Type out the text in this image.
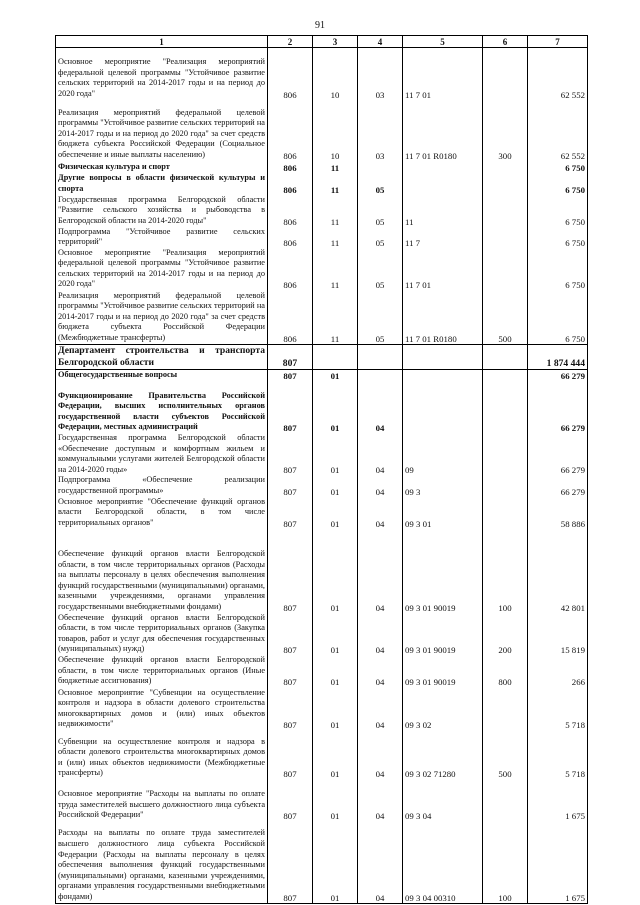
91
1	2	3	4	5	6	7
Основное мероприятие "Реализация мероприятий федеральной целевой программы "Устойчивое развитие сельских территорий на 2014-2017 годы и на период до 2020 года"	806	10	03	11 7 01		62 552
Реализация мероприятий федеральной целевой программы "Устойчивое развитие сельских территорий на 2014-2017 годы и на период до 2020 года" за счет средств бюджета субъекта Российской Федерации (Социальное обеспечение и иные выплаты населению)	806	10	03	11 7 01 R0180	300	62 552
Физическая культура и спорт	806	11				6 750
Другие вопросы в области физической культуры и спорта	806	11	05			6 750
Государственная программа Белгородской области "Развитие сельского хозяйства и рыбоводства в Белгородской области на 2014-2020 годы"	806	11	05	11		6 750
Подпрограмма "Устойчивое развитие сельских территорий"	806	11	05	11 7		6 750
Основное мероприятие "Реализация мероприятий федеральной целевой программы "Устойчивое развитие сельских территорий на 2014-2017 годы и на период до 2020 года"	806	11	05	11 7 01		6 750
Реализация мероприятий федеральной целевой программы "Устойчивое развитие сельских территорий на 2014-2017 годы и на период до 2020 года" за счет средств бюджета субъекта Российской Федерации (Межбюджетные трансферты)	806	11	05	11 7 01 R0180	500	6 750
Департамент строительства и транспорта Белгородской области	807					1 874 444
Общегосударственные вопросы	807	01				66 279
Функционирование Правительства Российской Федерации, высших исполнительных органов государственной власти субъектов Российской Федерации, местных администраций	807	01	04			66 279
Государственная программа Белгородской области «Обеспечение доступным и комфортным жильем и коммунальными услугами жителей Белгородской области на 2014-2020 годы»	807	01	04	09		66 279
Подпрограмма «Обеспечение реализации государственной программы»	807	01	04	09 3		66 279
Основное мероприятие "Обеспечение функций органов власти Белгородской области, в том числе территориальных органов"	807	01	04	09 3 01		58 886
Обеспечение функций органов власти Белгородской области, в том числе территориальных органов (Расходы на выплаты персоналу в целях обеспечения выполнения функций государственными (муниципальными) органами, казенными учреждениями, органами управления государственными внебюджетными фондами)	807	01	04	09 3 01 90019	100	42 801
Обеспечение функций органов власти Белгородской области, в том числе территориальных органов (Закупка товаров, работ и услуг для обеспечения государственных (муниципальных) нужд)	807	01	04	09 3 01 90019	200	15 819
Обеспечение функций органов власти Белгородской области, в том числе территориальных органов (Иные бюджетные ассигнования)	807	01	04	09 3 01 90019	800	266
Основное мероприятие "Субвенции на осуществление контроля и надзора в области долевого строительства многоквартирных домов и (или) иных объектов недвижимости"	807	01	04	09 3 02		5 718
Субвенции на осуществление контроля и надзора в области долевого строительства многоквартирных домов и (или) иных объектов недвижимости (Межбюджетные трансферты)	807	01	04	09 3 02 71280	500	5 718
Основное мероприятие "Расходы на выплаты по оплате труда заместителей высшего должностного лица субъекта Российской Федерации"	807	01	04	09 3 04		1 675
Расходы на выплаты по оплате труда заместителей высшего должностного лица субъекта Российской Федерации (Расходы на выплаты персоналу в целях обеспечения выполнения функций государственными (муниципальными) органами, казенными учреждениями, органами управления государственными внебюджетными фондами)	807	01	04	09 3 04 00310	100	1 675
